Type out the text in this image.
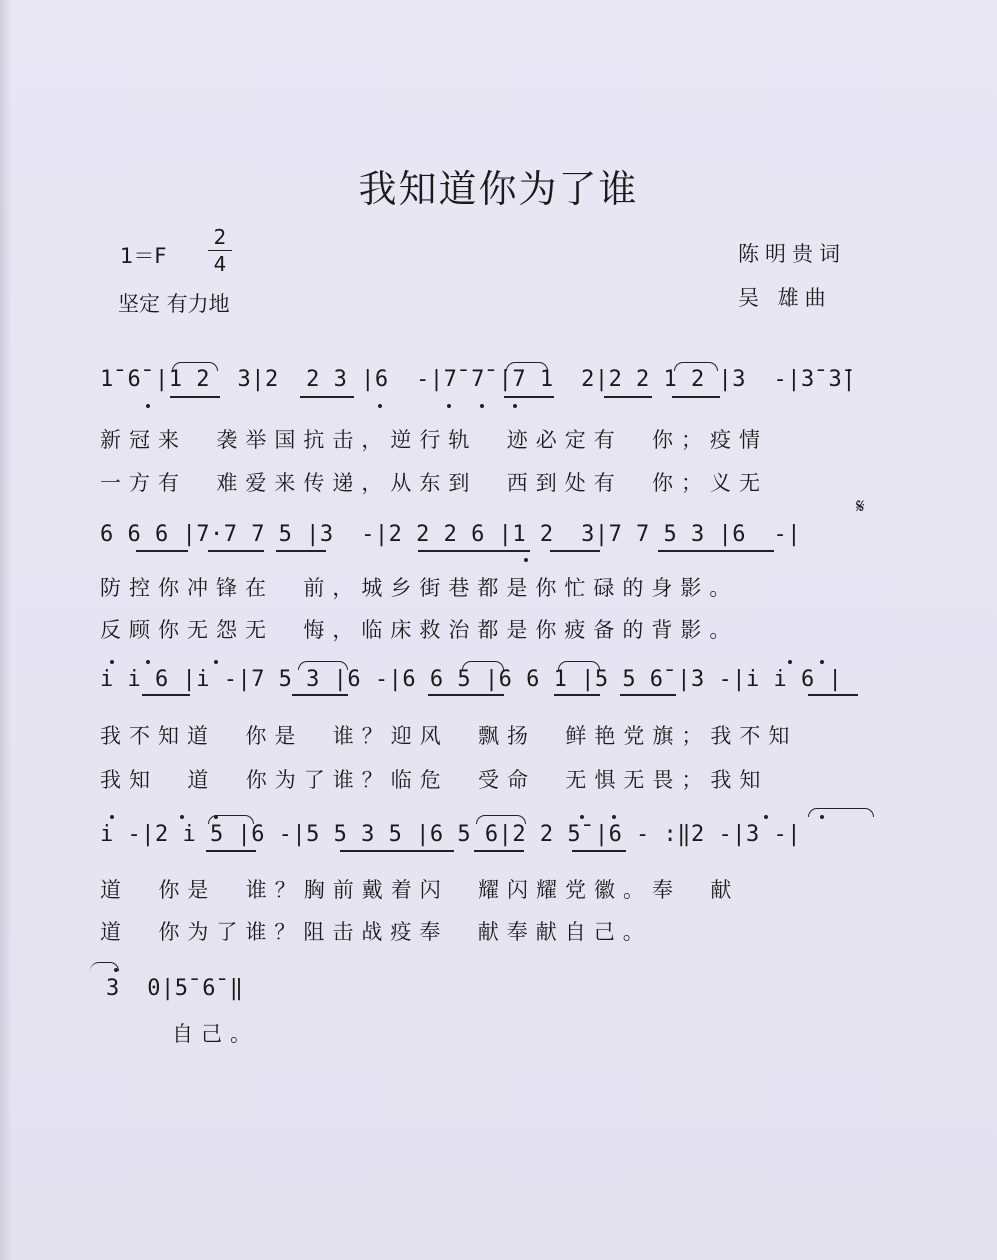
我知道你为了谁
1＝F
2
4
坚定 有力地
陈明贵词
吴 雄曲
1̄ 6̄ |1 2  3|2  2 3 |6  -|7̄ 7̄ |7 1  2|2 2 1 2 |3  -|3̄ 3̄|
新冠来  袭举国抗击，逆行轨  迹必定有  你；疫情
一方有  难爱来传递，从东到  西到处有  你；义无
𝄋
6 6 6 |7·7 7 5 |3  -|2 2 2 6 |1 2  3|7 7 5 3 |6  -|
防控你冲锋在  前，城乡街巷都是你忙碌的身影。
反顾你无怨无  悔，临床救治都是你疲备的背影。
i i 6 |i -|7 5 3 |6 -|6 6 5 |6 6 1 |5 5 6̄ |3 -|i i 6 |
我不知道  你是  谁？迎风  飘扬  鲜艳党旗；我不知
我知  道  你为了谁？临危  受命  无惧无畏；我知
i -|2 i 5 |6 -|5 5 3 5 |6 5 6|2 2 5̄ |6 - :‖2 -|3 -|
道  你是  谁？胸前戴着闪  耀闪耀党徽。奉  献
道  你为了谁？阻击战疫奉  献奉献自己。
3  0|5̄ 6̄ ‖
自己。
